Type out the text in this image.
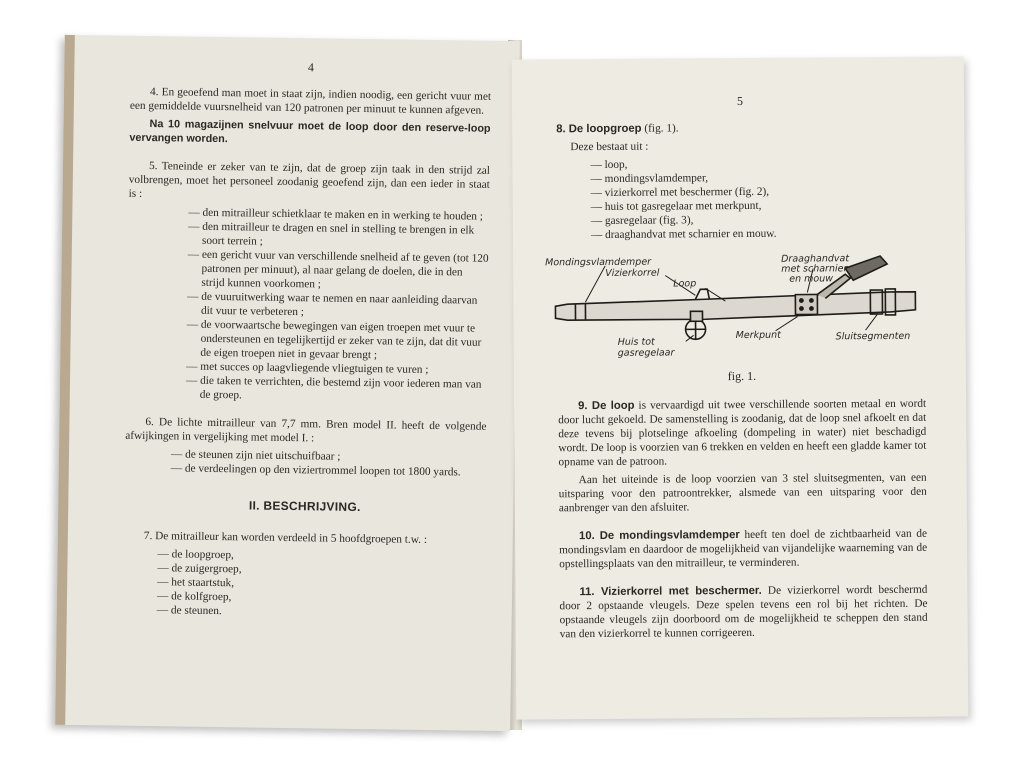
4

4. En geoefend man moet in staat zijn, indien noodig, een gericht vuur met een gemiddelde vuursnelheid van 120 patronen per minuut te kunnen afgeven.

Na 10 magazijnen snelvuur moet de loop door den reserve-loop vervangen worden.

5. Teneinde er zeker van te zijn, dat de groep zijn taak in den strijd zal volbrengen, moet het personeel zoodanig geoefend zijn, dan een ieder in staat is :

— den mitrailleur schietklaar te maken en in werking te houden ;
— den mitrailleur te dragen en snel in stelling te brengen in elk soort terrein ;
— een gericht vuur van verschillende snelheid af te geven (tot 120 patronen per minuut), al naar gelang de doelen, die in den strijd kunnen voorkomen ;
— de vuuruitwerking waar te nemen en naar aanleiding daarvan dit vuur te verbeteren ;
— de voorwaartsche bewegingen van eigen troepen met vuur te ondersteunen en tegelijkertijd er zeker van te zijn, dat dit vuur de eigen troepen niet in gevaar brengt ;
— met succes op laagvliegende vliegtuigen te vuren ;
— die taken te verrichten, die bestemd zijn voor iederen man van de groep.

6. De lichte mitrailleur van 7,7 mm. Bren model II. heeft de volgende afwijkingen in vergelijking met model I. :

— de steunen zijn niet uitschuifbaar ;
— de verdeelingen op den viziertrommel loopen tot 1800 yards.
II. BESCHRIJVING.

7. De mitrailleur kan worden verdeeld in 5 hoofdgroepen t.w. :

— de loopgroep,
— de zuigergroep,
— het staartstuk,
— de kolfgroep,
— de steunen.
5

8. De loopgroep (fig. 1).

Deze bestaat uit :

— loop,
— mondingsvlamdemper,
— vizierkorrel met beschermer (fig. 2),
— huis tot gasregelaar met merkpunt,
— gasregelaar (fig. 3),
— draaghandvat met scharnier en mouw.
Mondingsvlamdemper
Vizierkorrel
Loop
Draaghandvat
met scharnier
en mouw
Huis tot
gasregelaar
Merkpunt	Sluitsegmenten
fig. 1.

9. De loop is vervaardigd uit twee verschillende soorten metaal en wordt door lucht gekoeld. De samenstelling is zoodanig, dat de loop snel afkoelt en dat deze tevens bij plotselinge afkoeling (dompeling in water) niet beschadigd wordt. De loop is voorzien van 6 trekken en velden en heeft een gladde kamer tot opname van de patroon.

Aan het uiteinde is de loop voorzien van 3 stel sluitsegmenten, van een uitsparing voor den patroontrekker, alsmede van een uitsparing voor den aanbrenger van den afsluiter.

10. De mondingsvlamdemper heeft ten doel de zichtbaarheid van de mondingsvlam en daardoor de mogelijkheid van vijandelijke waarneming van de opstellingsplaats van den mitrailleur, te verminderen.

11. Vizierkorrel met beschermer. De vizierkorrel wordt beschermd door 2 opstaande vleugels. Deze spelen tevens een rol bij het richten. De opstaande vleugels zijn doorboord om de mogelijkheid te scheppen den stand van den vizierkorrel te kunnen corrigeeren.
